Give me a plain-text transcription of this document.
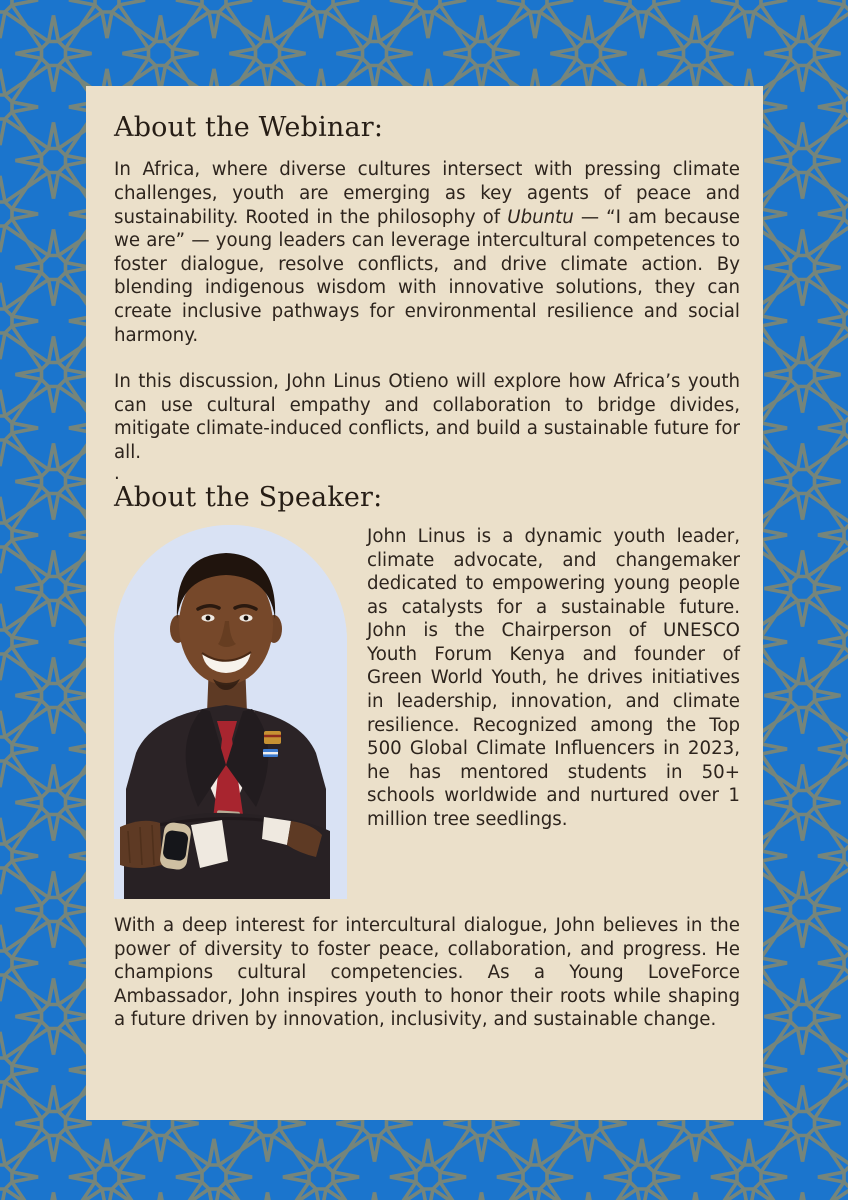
About the Webinar:

In Africa, where diverse cultures intersect with pressing climate challenges, youth are emerging as key agents of peace and sustainability. Rooted in the philosophy of Ubuntu — “I am because we are” — young leaders can leverage intercultural competences to foster dialogue, resolve conflicts, and drive climate action. By blending indigenous wisdom with innovative solutions, they can create inclusive pathways for environmental resilience and social harmony.

In this discussion, John Linus Otieno will explore how Africa’s youth can use cultural empathy and collaboration to bridge divides, mitigate climate-induced conflicts, and build a sustainable future for all.

.
About the Speaker:

John Linus is a dynamic youth leader, climate advocate, and changemaker dedicated to empowering young people as catalysts for a sustainable future. John is the Chairperson of UNESCO Youth Forum Kenya and founder of Green World Youth, he drives initiatives in leadership, innovation, and climate resilience. Recognized among the Top 500 Global Climate Influencers in 2023, he has mentored students in 50+ schools worldwide and nurtured over 1 million tree seedlings.

With a deep interest for intercultural dialogue, John believes in the power of diversity to foster peace, collaboration, and progress. He champions cultural competencies. As a Young LoveForce Ambassador, John inspires youth to honor their roots while shaping a future driven by innovation, inclusivity, and sustainable change.
